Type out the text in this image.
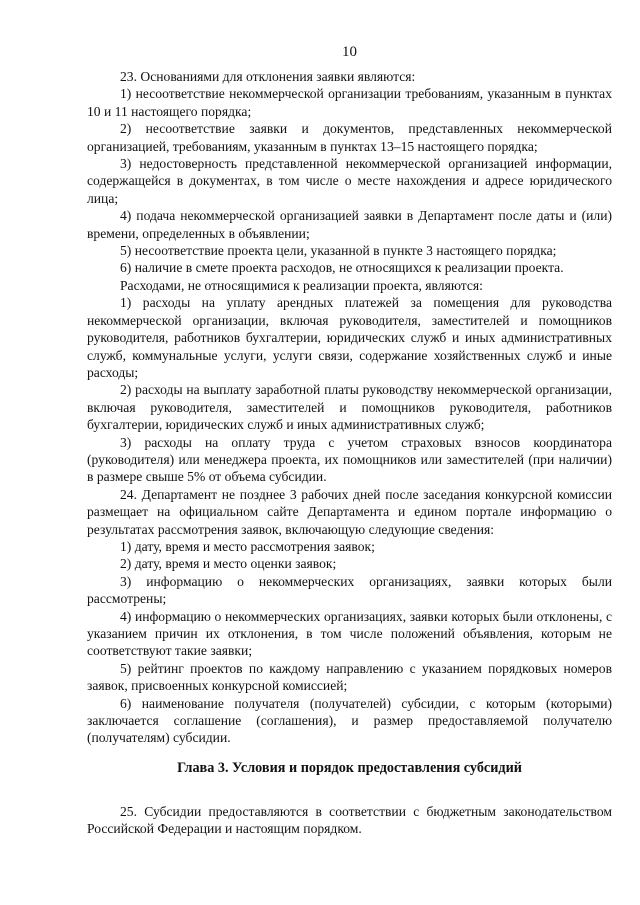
10

23. Основаниями для отклонения заявки являются:

1) несоответствие некоммерческой организации требованиям, указанным в пунктах 10 и 11 настоящего порядка;

2) несоответствие заявки и документов, представленных некоммерческой организацией, требованиям, указанным в пунктах 13–15 настоящего порядка;

3) недостоверность представленной некоммерческой организацией информации, содержащейся в документах, в том числе о месте нахождения и адресе юридического лица;

4) подача некоммерческой организацией заявки в Департамент после даты и (или) времени, определенных в объявлении;

5) несоответствие проекта цели, указанной в пункте 3 настоящего порядка;

6) наличие в смете проекта расходов, не относящихся к реализации проекта.

Расходами, не относящимися к реализации проекта, являются:

1) расходы на уплату арендных платежей за помещения для руководства некоммерческой организации, включая руководителя, заместителей и помощников руководителя, работников бухгалтерии, юридических служб и иных административных служб, коммунальные услуги, услуги связи, содержание хозяйственных служб и иные расходы;

2) расходы на выплату заработной платы руководству некоммерческой организации, включая руководителя, заместителей и помощников руководителя, работников бухгалтерии, юридических служб и иных административных служб;

3) расходы на оплату труда с учетом страховых взносов координатора (руководителя) или менеджера проекта, их помощников или заместителей (при наличии) в размере свыше 5% от объема субсидии.

24. Департамент не позднее 3 рабочих дней после заседания конкурсной комиссии размещает на официальном сайте Департамента и едином портале информацию о результатах рассмотрения заявок, включающую следующие сведения:

1) дату, время и место рассмотрения заявок;

2) дату, время и место оценки заявок;

3) информацию о некоммерческих организациях, заявки которых были рассмотрены;

4) информацию о некоммерческих организациях, заявки которых были отклонены, с указанием причин их отклонения, в том числе положений объявления, которым не соответствуют такие заявки;

5) рейтинг проектов по каждому направлению с указанием порядковых номеров заявок, присвоенных конкурсной комиссией;

6) наименование получателя (получателей) субсидии, с которым (которыми) заключается соглашение (соглашения), и размер предоставляемой получателю (получателям) субсидии.

Глава 3. Условия и порядок предоставления субсидий

25. Субсидии предоставляются в соответствии с бюджетным законодательством Российской Федерации и настоящим порядком.
